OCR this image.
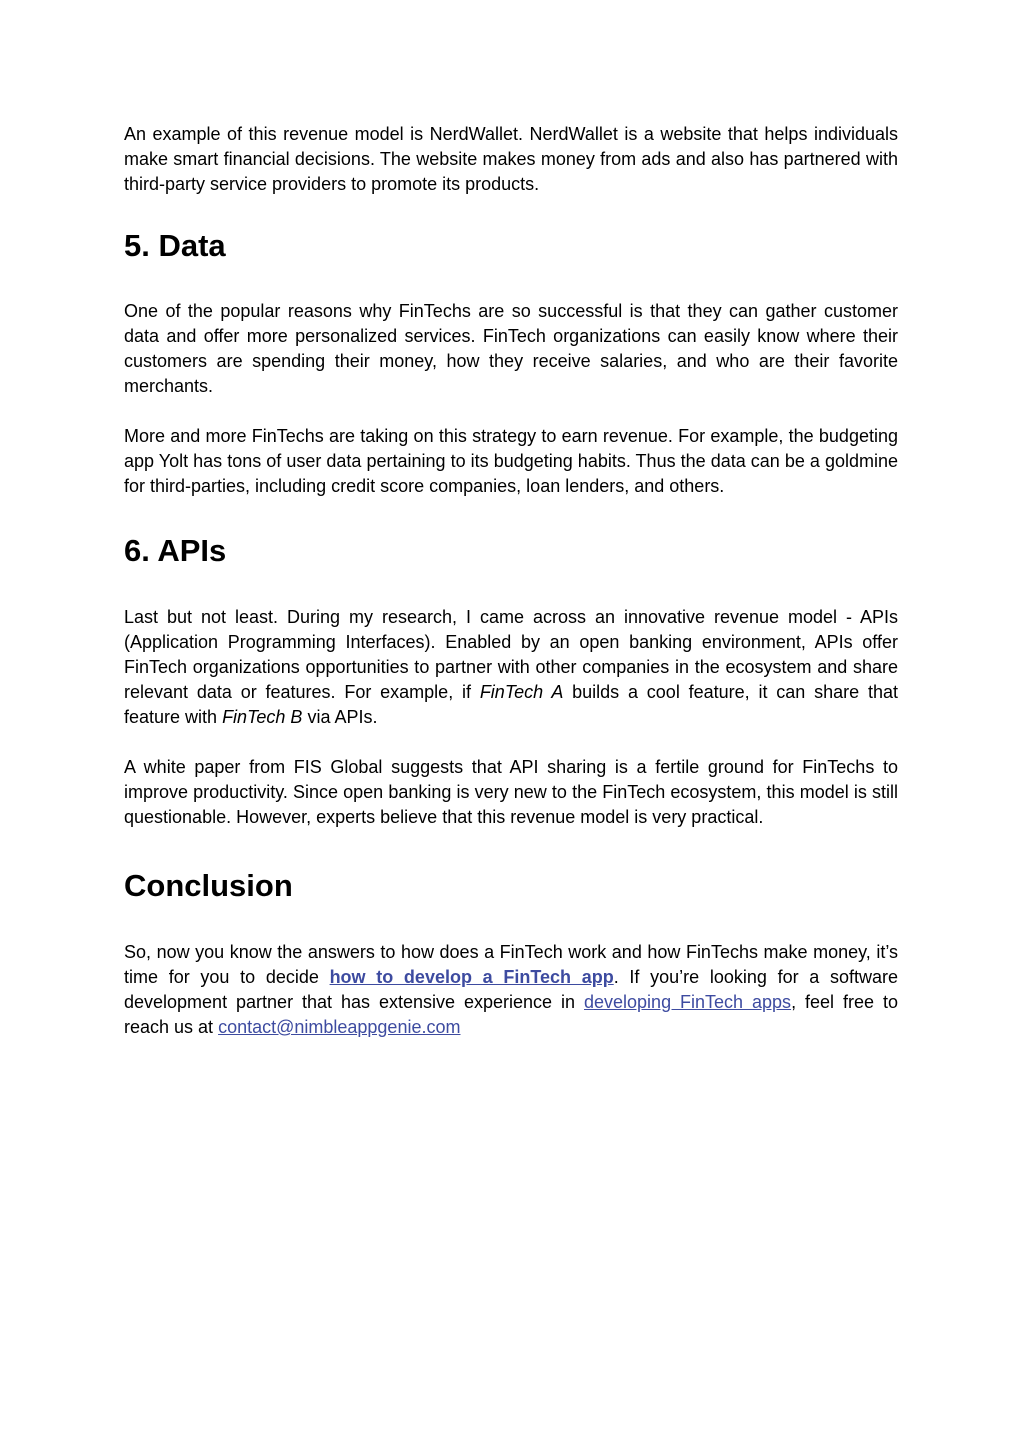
An example of this revenue model is NerdWallet. NerdWallet is a website that helps individuals make smart financial decisions. The website makes money from ads and also has partnered with third-party service providers to promote its products.

5. Data

One of the popular reasons why FinTechs are so successful is that they can gather customer data and offer more personalized services. FinTech organizations can easily know where their customers are spending their money, how they receive salaries, and who are their favorite merchants.

More and more FinTechs are taking on this strategy to earn revenue. For example, the budgeting app Yolt has tons of user data pertaining to its budgeting habits. Thus the data can be a goldmine for third-parties, including credit score companies, loan lenders, and others.

6. APIs

Last but not least. During my research, I came across an innovative revenue model - APIs (Application Programming Interfaces). Enabled by an open banking environment, APIs offer FinTech organizations opportunities to partner with other companies in the ecosystem and share relevant data or features. For example, if FinTech A builds a cool feature, it can share that feature with FinTech B via APIs.

A white paper from FIS Global suggests that API sharing is a fertile ground for FinTechs to improve productivity. Since open banking is very new to the FinTech ecosystem, this model is still questionable. However, experts believe that this revenue model is very practical.

Conclusion

So, now you know the answers to how does a FinTech work and how FinTechs make money, it’s time for you to decide how to develop a FinTech app. If you’re looking for a software development partner that has extensive experience in developing FinTech apps, feel free to reach us at contact@nimbleappgenie.com
